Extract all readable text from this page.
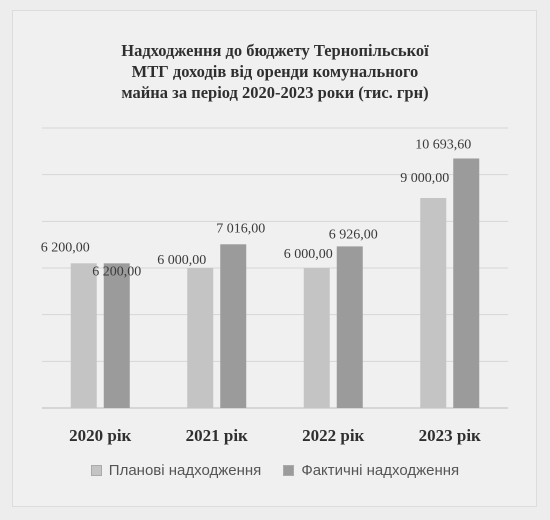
Надходження до бюджету Тернопільської
МТГ доходів від оренди комунального
майна за період 2020-2023 роки (тис. грн)
6 200,00
6 200,00
6 000,00
7 016,00
6 000,00
6 926,00
9 000,00
10 693,60
2020 рік	2021 рік	2022 рік	2023 рік
Планові надходження	Фактичні надходження
